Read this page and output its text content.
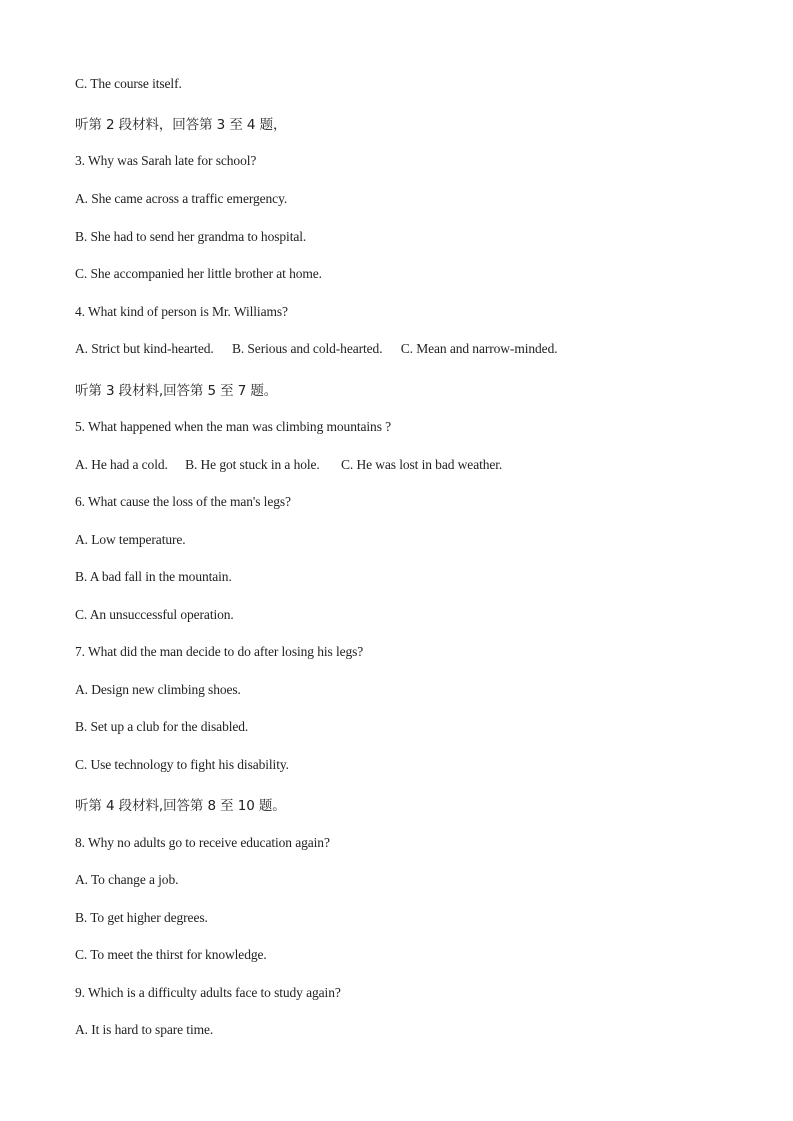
C. The course itself.
听第 2 段材料，回答第 3 至 4 题，
3. Why was Sarah late for school?
A. She came across a traffic emergency.
B. She had to send her grandma to hospital.
C. She accompanied her little brother at home.
4. What kind of person is Mr. Williams?
A. Strict but kind-hearted. B. Serious and cold-hearted. C. Mean and narrow-minded.
听第 3 段材料,回答第 5 至 7 题。
5. What happened when the man was climbing mountains ?
A. He had a cold. B. He got stuck in a hole. C. He was lost in bad weather.
6. What cause the loss of the man's legs?
A. Low temperature.
B. A bad fall in the mountain.
C. An unsuccessful operation.
7. What did the man decide to do after losing his legs?
A. Design new climbing shoes.
B. Set up a club for the disabled.
C. Use technology to fight his disability.
听第 4 段材料,回答第 8 至 10 题。
8. Why no adults go to receive education again?
A. To change a job.
B. To get higher degrees.
C. To meet the thirst for knowledge.
9. Which is a difficulty adults face to study again?
A. It is hard to spare time.
